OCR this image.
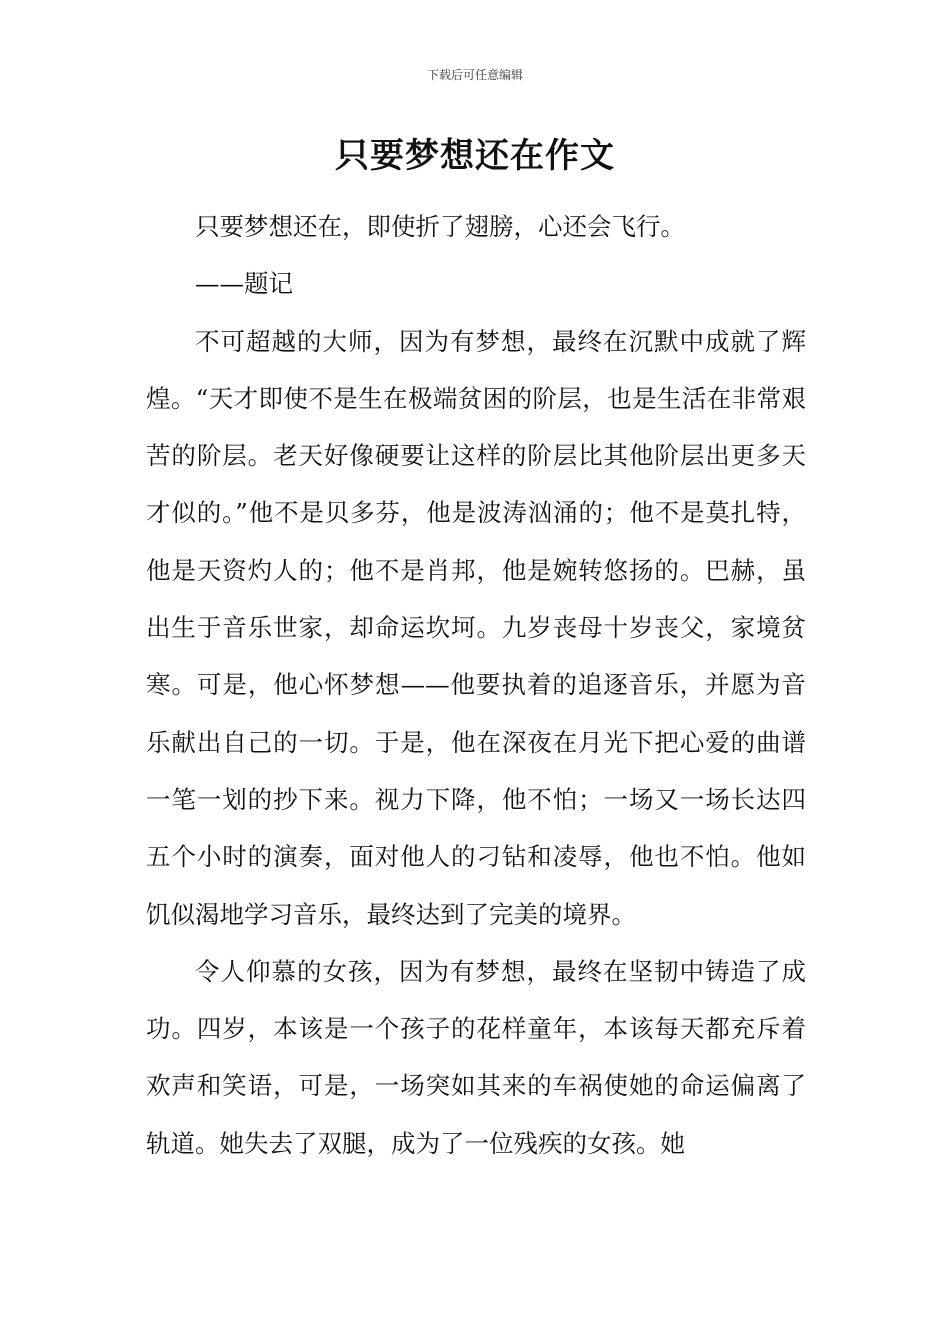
下载后可任意编辑
只要梦想还在作文

只要梦想还在，即使折了翅膀，心还会飞行。

——题记

不可超越的大师，因为有梦想，最终在沉默中成就了辉煌。“天才即使不是生在极端贫困的阶层，也是生活在非常艰苦的阶层。老天好像硬要让这样的阶层比其他阶层出更多天才似的。”他不是贝多芬，他是波涛汹涌的；他不是莫扎特，他是天资灼人的；他不是肖邦，他是婉转悠扬的。巴赫，虽出生于音乐世家，却命运坎坷。九岁丧母十岁丧父，家境贫寒。可是，他心怀梦想——他要执着的追逐音乐，并愿为音乐献出自己的一切。于是，他在深夜在月光下把心爱的曲谱一笔一划的抄下来。视力下降，他不怕；一场又一场长达四五个小时的演奏，面对他人的刁钻和凌辱，他也不怕。他如饥似渴地学习音乐，最终达到了完美的境界。

令人仰慕的女孩，因为有梦想，最终在坚韧中铸造了成功。四岁，本该是一个孩子的花样童年，本该每天都充斥着欢声和笑语，可是，一场突如其来的车祸使她的命运偏离了轨道。她失去了双腿，成为了一位残疾的女孩。她
